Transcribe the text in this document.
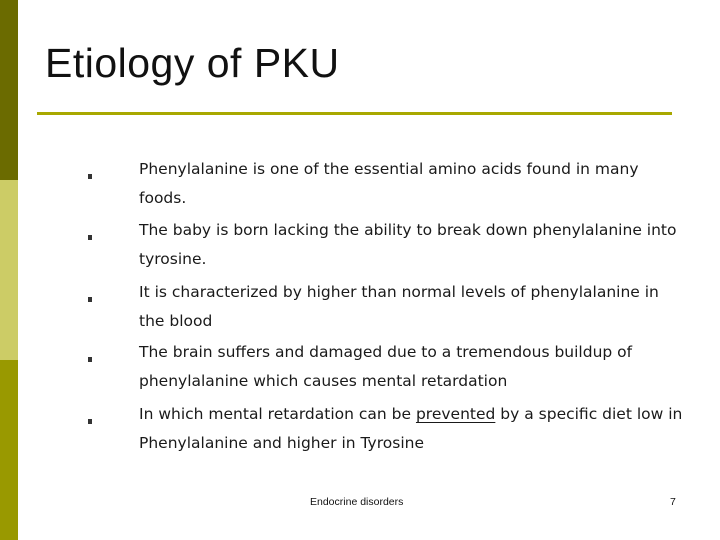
Etiology of PKU
Phenylalanine is one of the essential amino acids found in many foods.
The baby is born lacking the ability to break down phenylalanine into tyrosine.
It is characterized by higher than normal levels of phenylalanine in the blood
The brain suffers and damaged due to a tremendous buildup of phenylalanine which causes mental retardation
In which mental retardation can be prevented by a specific diet low in Phenylalanine and higher in Tyrosine
Endocrine disorders	7
